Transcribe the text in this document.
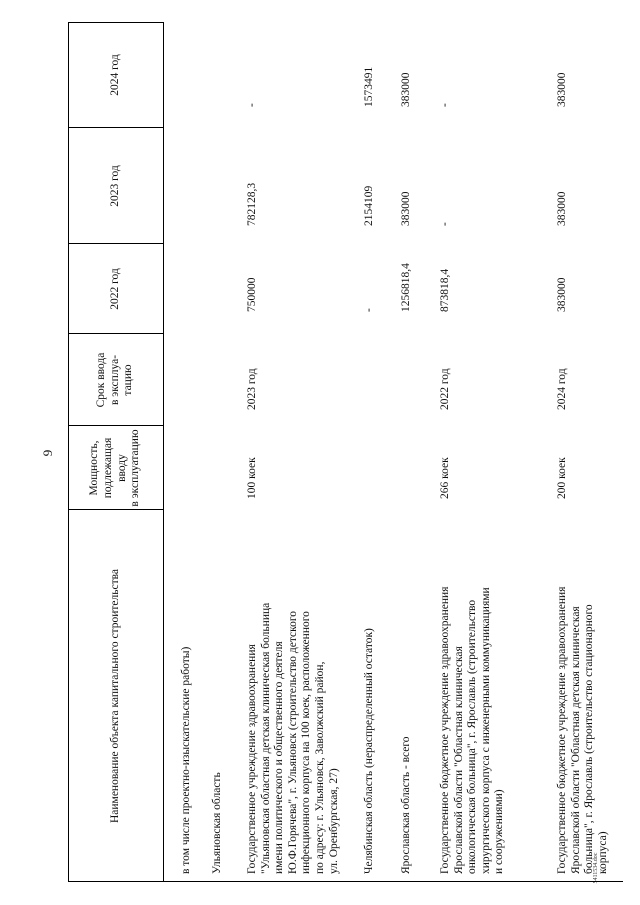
9
5411534.doc
Наименование объекта капитального строительства
Мощность,
подлежащая
вводу
в эксплуатацию
Срок ввода
в эксплуа-
тацию
2022 год
2023 год
2024 год
в том числе проектно-изыскательские работы) Ульяновская область Государственное учреждение здравоохранения "Ульяновская областная детская клиническая больница имени политического и общественного деятеля Ю.Ф.Горячева", г. Ульяновск (строительство детского инфекционного корпуса на 100 коек, расположенного по адресу: г. Ульяновск, Заволжский район, ул. Оренбургская, 27)
100 коек
2023 год
750000
782128,3
-
Челябинская область (нераспределенный остаток)
-
2154109
1573491
Ярославская область - всего
1256818,4
383000
383000
Государственное бюджетное учреждение здравоохранения Ярославской области "Областная клиническая онкологическая больница", г. Ярославль (строительство хирургического корпуса с инженерными коммуникациями и сооружениями)
266 коек
2022 год
873818,4
-
-
Государственное бюджетное учреждение здравоохранения Ярославской области "Областная детская клиническая больница", г. Ярославль (строительство стационарного корпуса)
200 коек
2024 год
383000
383000
383000
